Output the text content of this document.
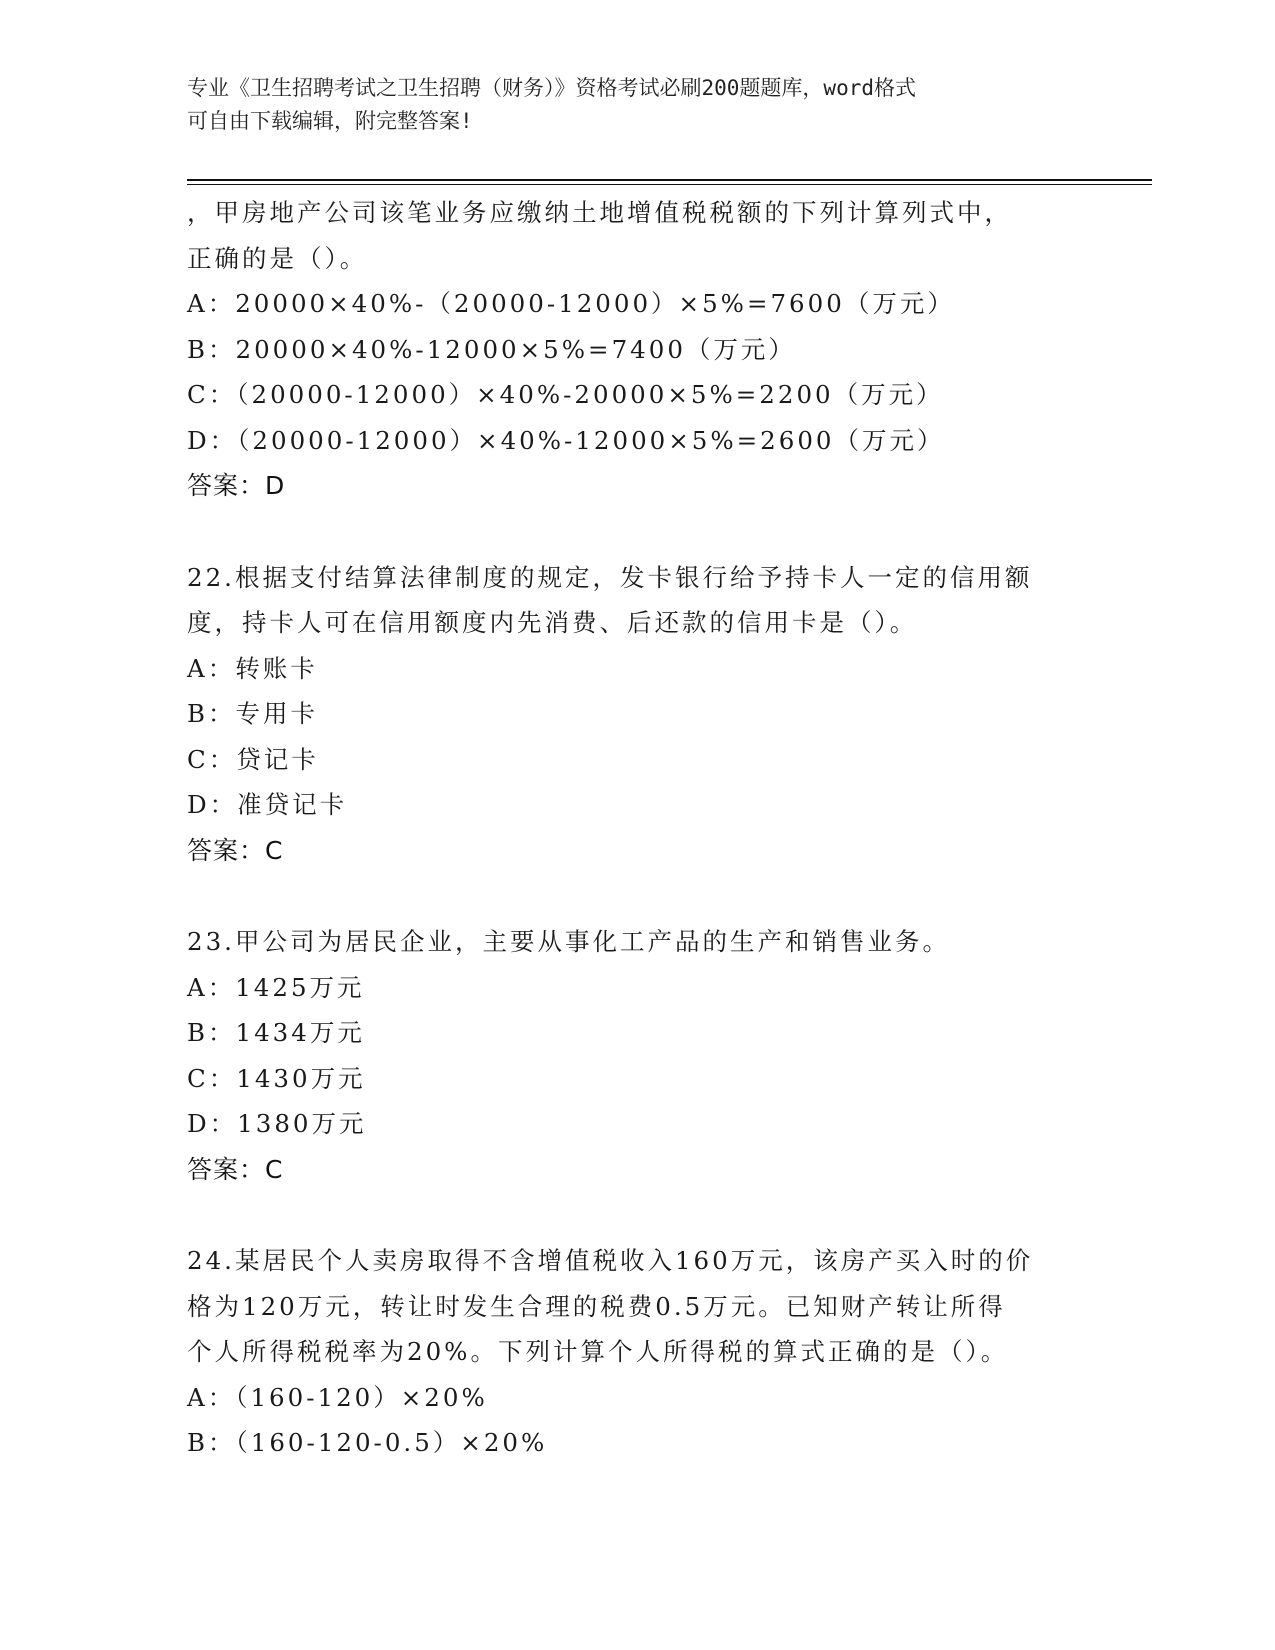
专业《卫生招聘考试之卫生招聘（财务）》资格考试必刷200题题库，word格式
可自由下载编辑，附完整答案!
，甲房地产公司该笔业务应缴纳土地增值税税额的下列计算列式中，
正确的是（）。
A：20000×40%-（20000-12000）×5%=7600（万元）
B：20000×40%-12000×5%=7400（万元）
C：（20000-12000）×40%-20000×5%=2200（万元）
D：（20000-12000）×40%-12000×5%=2600（万元）
答案：D
22.根据支付结算法律制度的规定，发卡银行给予持卡人一定的信用额
度，持卡人可在信用额度内先消费、后还款的信用卡是（）。
A：转账卡
B：专用卡
C：贷记卡
D：准贷记卡
答案：C
23.甲公司为居民企业，主要从事化工产品的生产和销售业务。
A：1425万元
B：1434万元
C：1430万元
D：1380万元
答案：C
24.某居民个人卖房取得不含增值税收入160万元，该房产买入时的价
格为120万元，转让时发生合理的税费0.5万元。已知财产转让所得
个人所得税税率为20%。下列计算个人所得税的算式正确的是（）。
A：（160-120）×20%
B：（160-120-0.5）×20%
